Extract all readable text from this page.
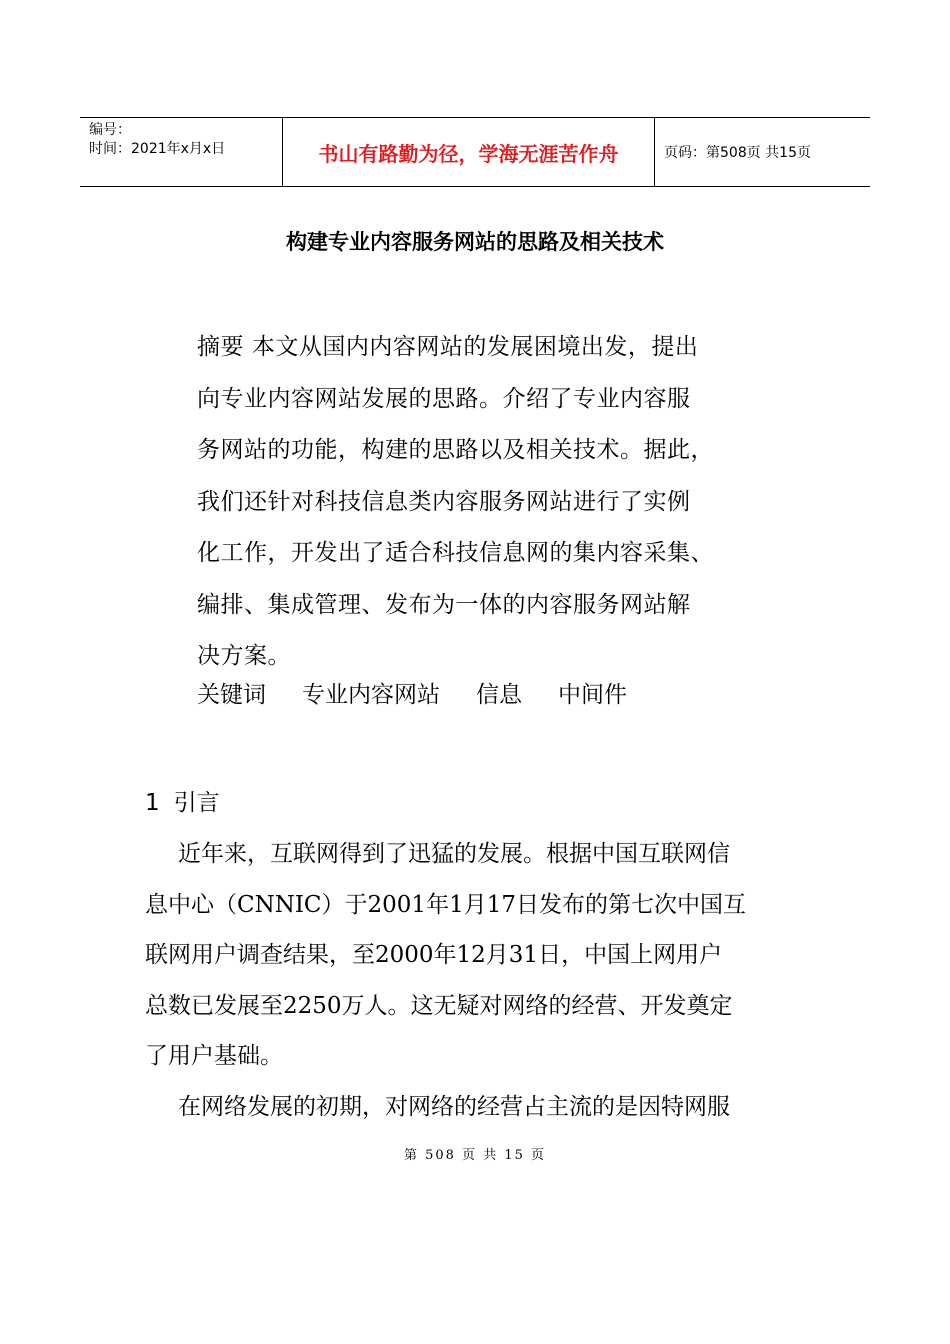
编号：
时间：2021年x月x日	书山有路勤为径，学海无涯苦作舟	页码：第508页 共15页
构建专业内容服务网站的思路及相关技术
摘要 本文从国内内容网站的发展困境出发，提出
向专业内容网站发展的思路。介绍了专业内容服
务网站的功能，构建的思路以及相关技术。据此，
我们还针对科技信息类内容服务网站进行了实例
化工作，开发出了适合科技信息网的集内容采集、
编排、集成管理、发布为一体的内容服务网站解
决方案。
关键词 专业内容网站 信息 中间件
1 引言
近年来，互联网得到了迅猛的发展。根据中国互联网信
息中心（CNNIC）于2001年1月17日发布的第七次中国互
联网用户调查结果，至2000年12月31日，中国上网用户
总数已发展至2250万人。这无疑对网络的经营、开发奠定
了用户基础。
在网络发展的初期，对网络的经营占主流的是因特网服
第 508 页 共 15 页
